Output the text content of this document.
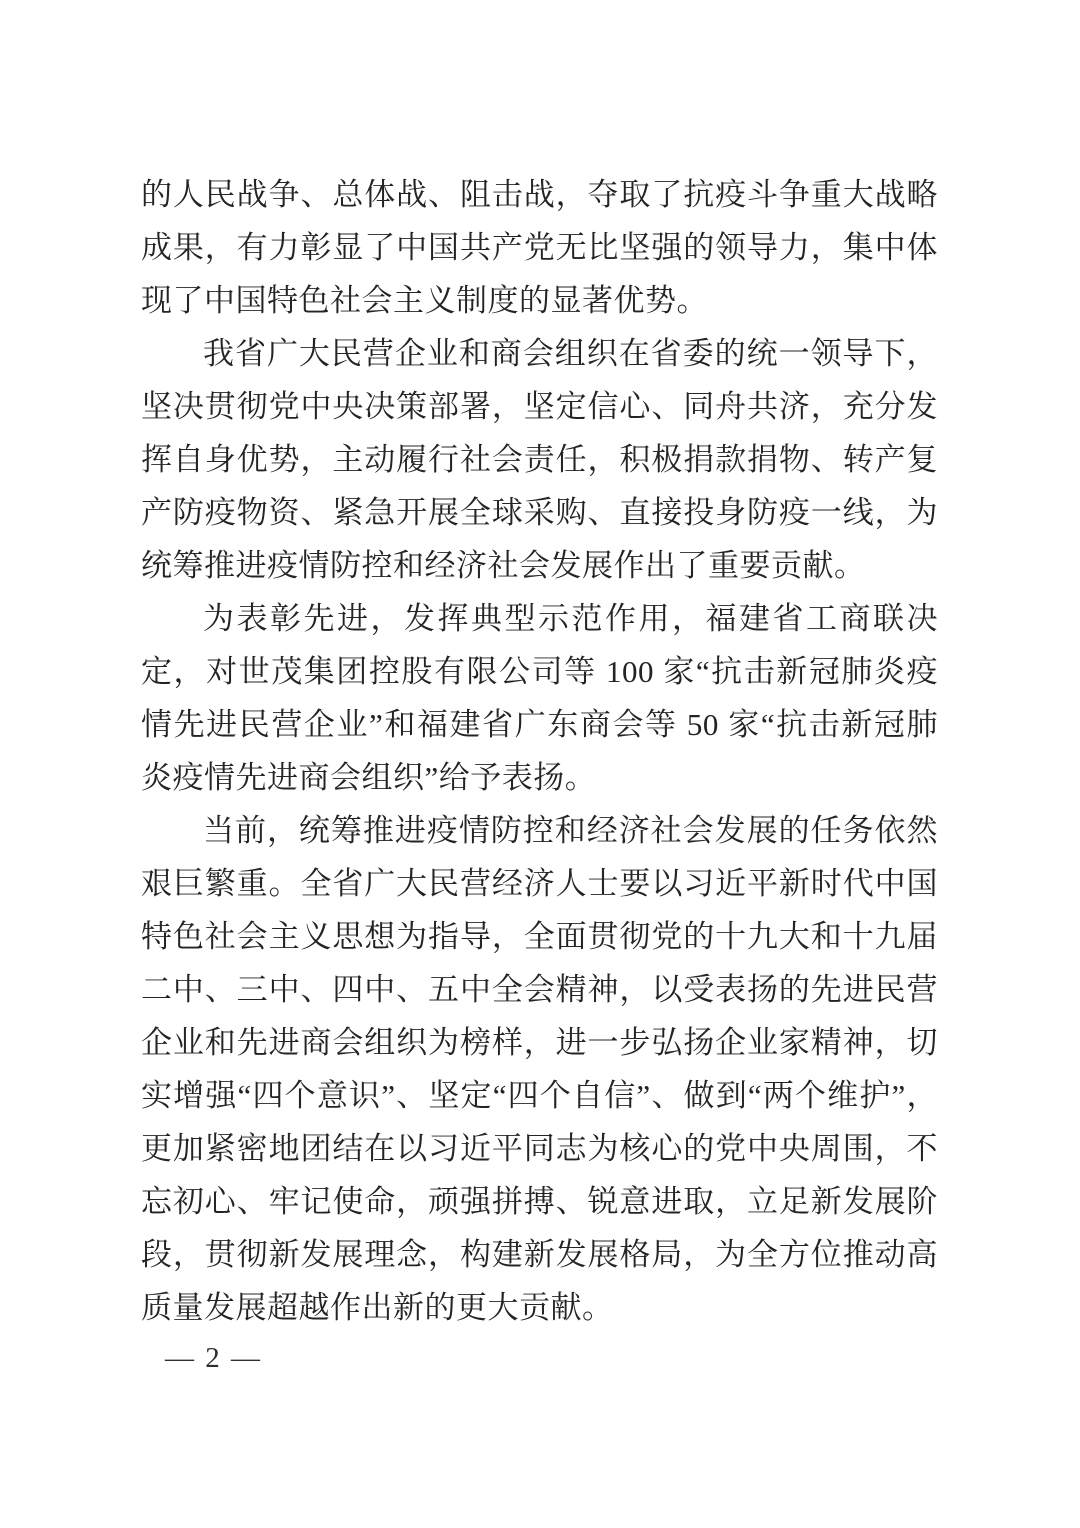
的人民战争、总体战、阻击战，夺取了抗疫斗争重大战略成果，有力彰显了中国共产党无比坚强的领导力，集中体现了中国特色社会主义制度的显著优势。

我省广大民营企业和商会组织在省委的统一领导下，坚决贯彻党中央决策部署，坚定信心、同舟共济，充分发挥自身优势，主动履行社会责任，积极捐款捐物、转产复产防疫物资、紧急开展全球采购、直接投身防疫一线，为统筹推进疫情防控和经济社会发展作出了重要贡献。

为表彰先进，发挥典型示范作用，福建省工商联决定，对世茂集团控股有限公司等 100 家“抗击新冠肺炎疫情先进民营企业”和福建省广东商会等 50 家“抗击新冠肺炎疫情先进商会组织”给予表扬。

当前，统筹推进疫情防控和经济社会发展的任务依然艰巨繁重。全省广大民营经济人士要以习近平新时代中国特色社会主义思想为指导，全面贯彻党的十九大和十九届二中、三中、四中、五中全会精神，以受表扬的先进民营企业和先进商会组织为榜样，进一步弘扬企业家精神，切实增强“四个意识”、坚定“四个自信”、做到“两个维护”，更加紧密地团结在以习近平同志为核心的党中央周围，不忘初心、牢记使命，顽强拼搏、锐意进取，立足新发展阶段，贯彻新发展理念，构建新发展格局，为全方位推动高质量发展超越作出新的更大贡献。

— 2 —
